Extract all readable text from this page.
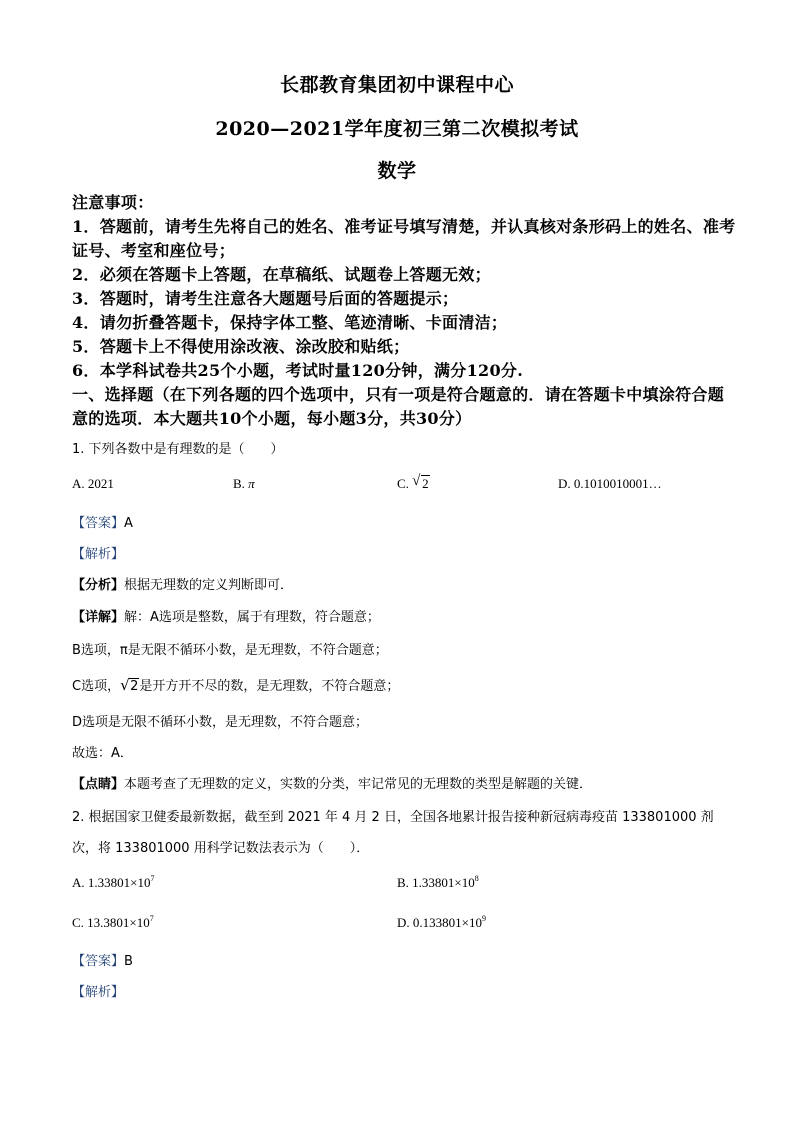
长郡教育集团初中课程中心
2020—2021学年度初三第二次模拟考试
数学
注意事项：
1．答题前，请考生先将自己的姓名、准考证号填写清楚，并认真核对条形码上的姓名、准考
证号、考室和座位号；
2．必须在答题卡上答题，在草稿纸、试题卷上答题无效；
3．答题时，请考生注意各大题题号后面的答题提示；
4．请勿折叠答题卡，保持字体工整、笔迹清晰、卡面清洁；
5．答题卡上不得使用涂改液、涂改胶和贴纸；
6．本学科试卷共25个小题，考试时量120分钟，满分120分.
一、选择题（在下列各题的四个选项中，只有一项是符合题意的．请在答题卡中填涂符合题
意的选项．本大题共10个小题，每小题3分，共30分）
1. 下列各数中是有理数的是（　　）
A. 2021	B. π	C. √ 2	D. 0.1010010001…
【答案】A
【解析】
【分析】根据无理数的定义判断即可．
【详解】解：A选项是整数，属于有理数，符合题意；
B选项，π是无限不循环小数，是无理数，不符合题意；
C选项， √ 2是开方开不尽的数，是无理数，不符合题意；
D选项是无限不循环小数，是无理数，不符合题意；
故选：A．
【点睛】本题考查了无理数的定义，实数的分类，牢记常见的无理数的类型是解题的关键．
2. 根据国家卫健委最新数据，截至到 2021 年 4 月 2 日，全国各地累计报告接种新冠病毒疫苗 133801000 剂
次，将 133801000 用科学记数法表示为（　　）．
A. $1.33801\times 10^7$	B. $1.33801\times 10^8$
C. $13.3801\times 10^7$	D. $0.133801\times 10^9$
【答案】B
【解析】
